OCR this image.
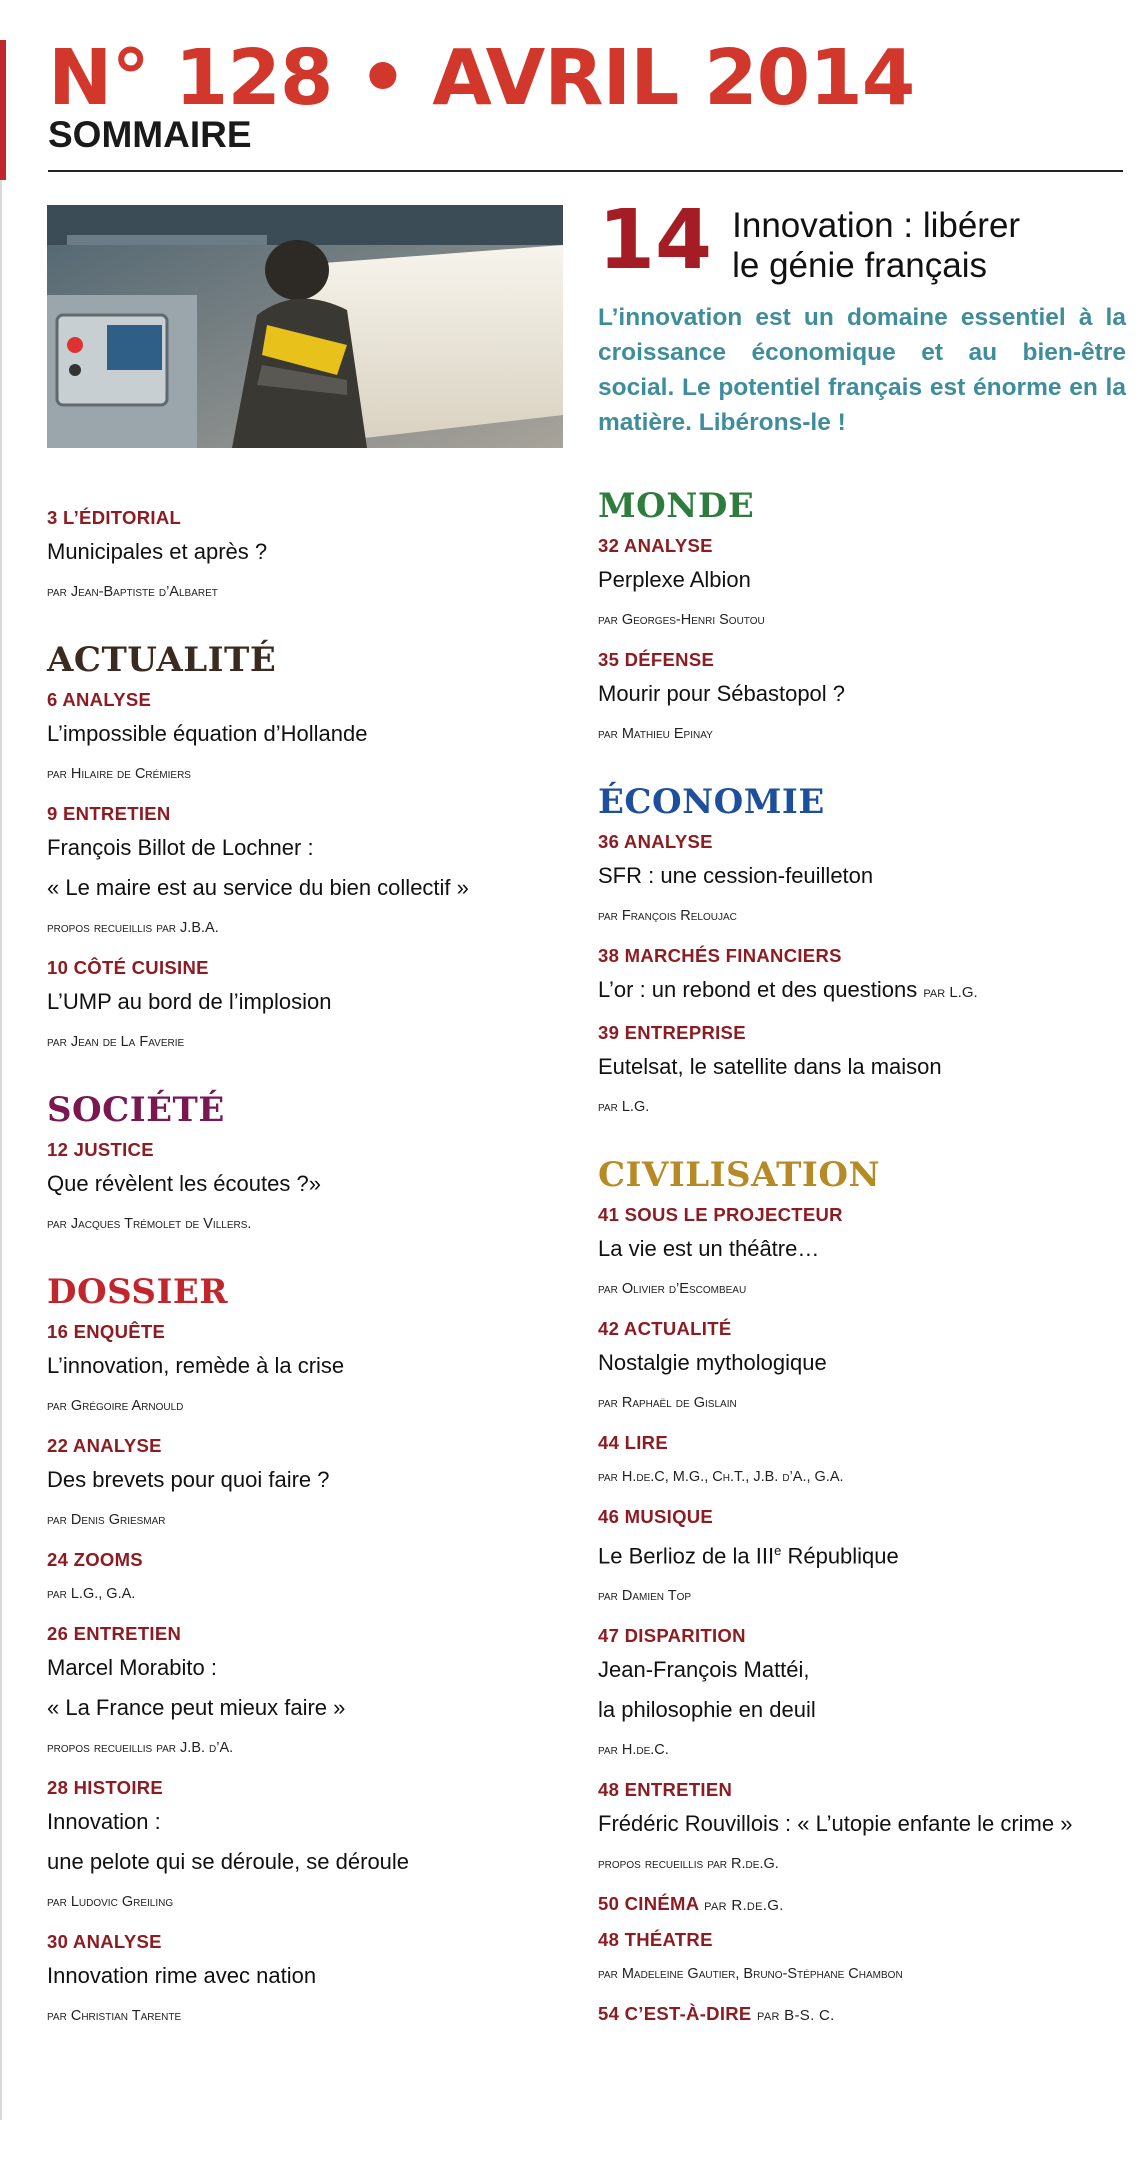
N° 128 • AVRIL 2014
SOMMAIRE
14 Innovation : libérer
le génie français
L’innovation est un domaine essentiel à la croissance économique et au bien-être social. Le potentiel français est énorme en la matière. Libérons-le !
3 L’ÉDITORIAL
Municipales et après ?
par Jean-Baptiste d’Albaret
ACTUALITÉ
6 ANALYSE
L’impossible équation d’Hollande
par Hilaire de Crémiers
9 ENTRETIEN
François Billot de Lochner :
« Le maire est au service du bien collectif »
propos recueillis par J.B.A.
10 CÔTÉ CUISINE
L’UMP au bord de l’implosion
par Jean de La Faverie
SOCIÉTÉ
12 JUSTICE
Que révèlent les écoutes ?»
par Jacques Trémolet de Villers.
DOSSIER
16 ENQUÊTE
L’innovation, remède à la crise
par Grégoire Arnould
22 ANALYSE
Des brevets pour quoi faire ?
par Denis Griesmar
24 ZOOMS
par L.G., G.A.
26 ENTRETIEN
Marcel Morabito :
« La France peut mieux faire »
propos recueillis par J.B. d’A.
28 HISTOIRE
Innovation :
une pelote qui se déroule, se déroule
par Ludovic Greiling
30 ANALYSE
Innovation rime avec nation
par Christian Tarente
MONDE
32 ANALYSE
Perplexe Albion
par Georges-Henri Soutou
35 DÉFENSE
Mourir pour Sébastopol ?
par Mathieu Epinay
ÉCONOMIE
36 ANALYSE
SFR : une cession-feuilleton
par François Reloujac
38 MARCHÉS FINANCIERS
L’or : un rebond et des questions par L.G.
39 ENTREPRISE
Eutelsat, le satellite dans la maison
par L.G.
CIVILISATION
41 SOUS LE PROJECTEUR
La vie est un théâtre…
par Olivier d’Escombeau
42 ACTUALITÉ
Nostalgie mythologique
par Raphaël de Gislain
44 LIRE
par H.de.C, M.G., Ch.T., J.B. d’A., G.A.
46 MUSIQUE
Le Berlioz de la IIIe République
par Damien Top
47 DISPARITION
Jean-François Mattéi,
la philosophie en deuil
par H.de.C.
48 ENTRETIEN
Frédéric Rouvillois : « L’utopie enfante le crime »
propos recueillis par R.de.G.
50 CINÉMA par R.de.G.
48 THÉATRE
par Madeleine Gautier, Bruno-Stéphane Chambon
54 C’EST-À-DIRE par B-S. C.
